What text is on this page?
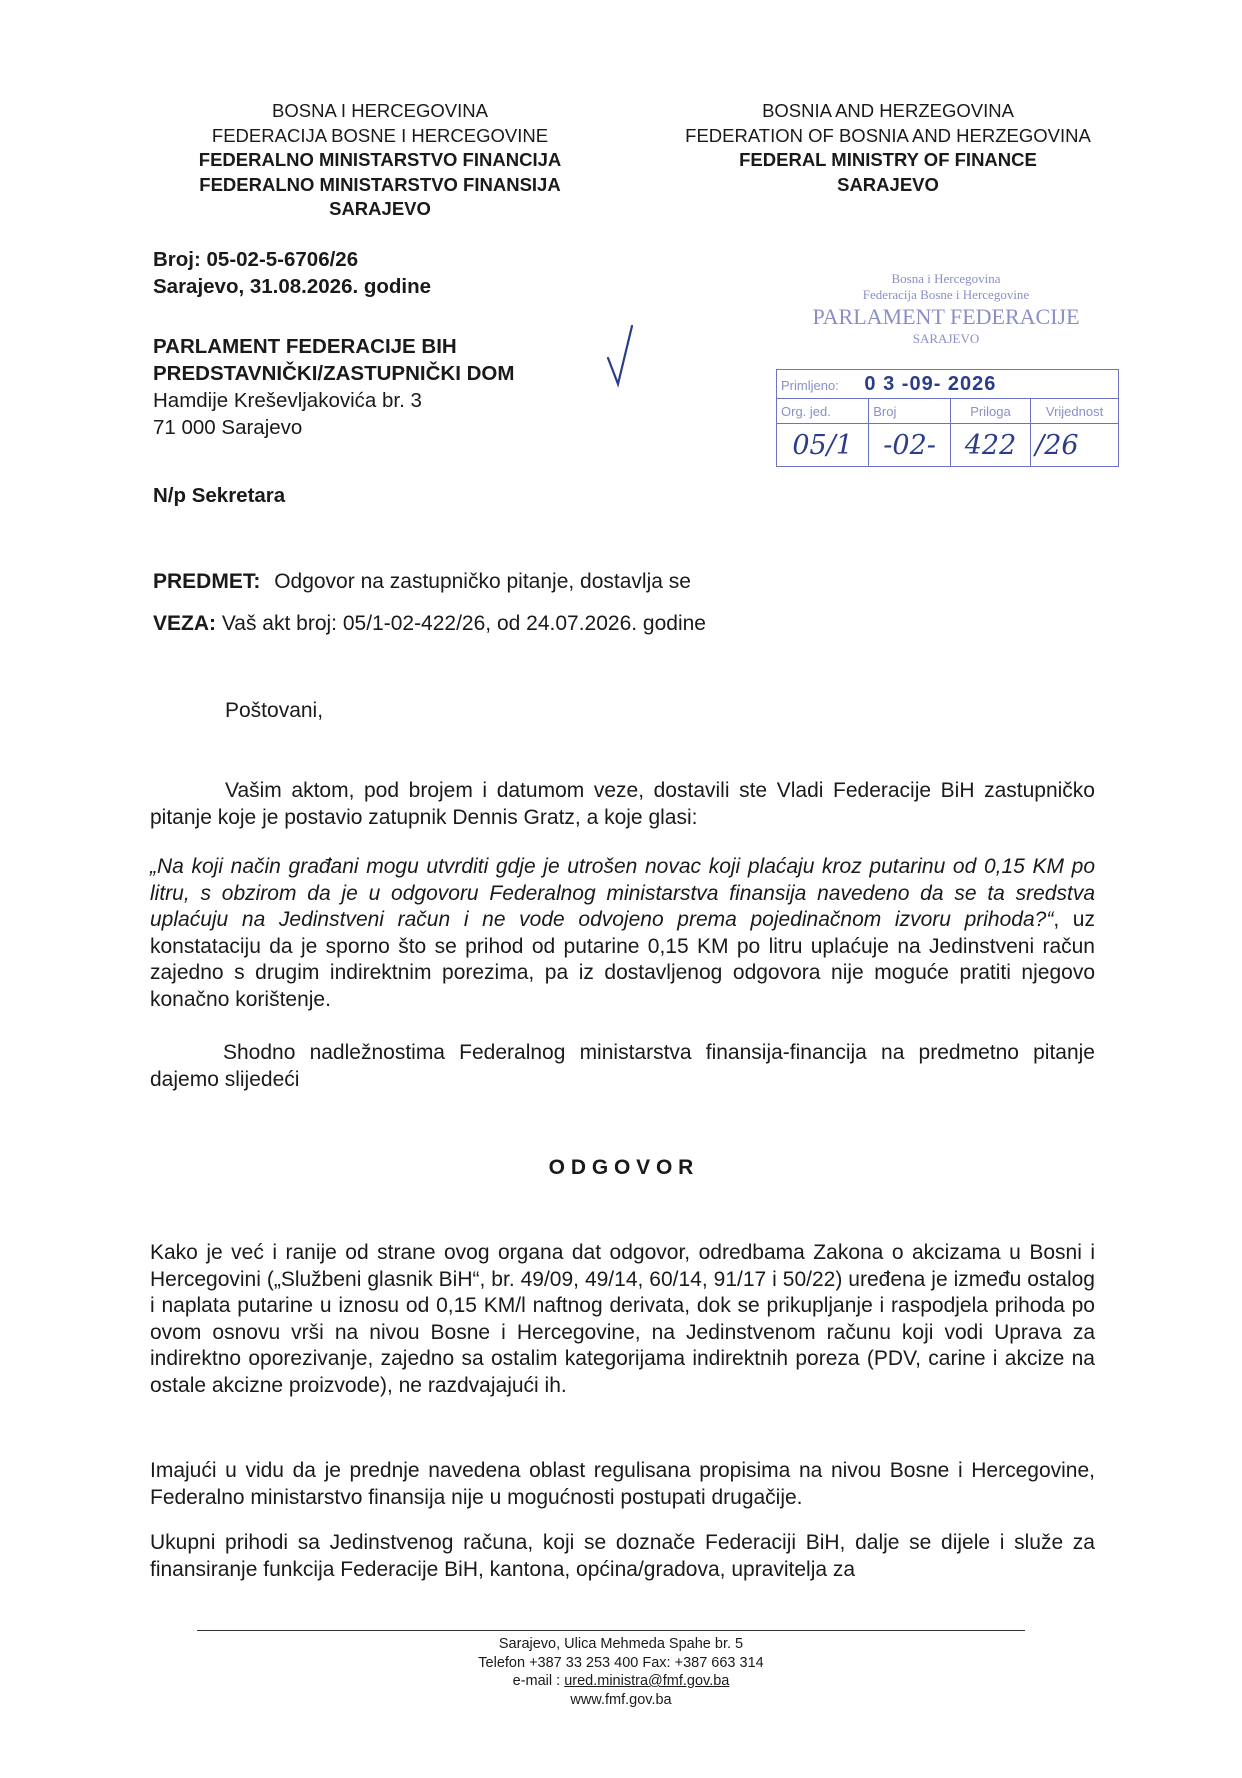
BOSNA I HERCEGOVINA
FEDERACIJA BOSNE I HERCEGOVINE
FEDERALNO MINISTARSTVO FINANCIJA
FEDERALNO MINISTARSTVO FINANSIJA
SARAJEVO
BOSNIA AND HERZEGOVINA
FEDERATION OF BOSNIA AND HERZEGOVINA
FEDERAL MINISTRY OF FINANCE
SARAJEVO
Broj: 05-02-5-6706/26
Sarajevo, 31.08.2026. godine
PARLAMENT FEDERACIJE BIH
PREDSTAVNIČKI/ZASTUPNIČKI DOM
Hamdije Kreševljakovića br. 3
71 000 Sarajevo
N/p Sekretara
Bosna i Hercegovina
Federacija Bosne i Hercegovine
PARLAMENT FEDERACIJE
SARAJEVO
Primljeno: 0 3 -09- 2026			
Org. jed.	Broj	Priloga	Vrijednost
05/1	-02-	422	/26
PREDMET: Odgovor na zastupničko pitanje, dostavlja se
VEZA: Vaš akt broj: 05/1-02-422/26, od 24.07.2026. godine
Poštovani,
Vašim aktom, pod brojem i datumom veze, dostavili ste Vladi Federacije BiH zastupničko pitanje koje je postavio zatupnik Dennis Gratz, a koje glasi:
„Na koji način građani mogu utvrditi gdje je utrošen novac koji plaćaju kroz putarinu od 0,15 KM po litru, s obzirom da je u odgovoru Federalnog ministarstva finansija navedeno da se ta sredstva uplaćuju na Jedinstveni račun i ne vode odvojeno prema pojedinačnom izvoru prihoda?“, uz konstataciju da je sporno što se prihod od putarine 0,15 KM po litru uplaćuje na Jedinstveni račun zajedno s drugim indirektnim porezima, pa iz dostavljenog odgovora nije moguće pratiti njegovo konačno korištenje.
Shodno nadležnostima Federalnog ministarstva finansija-financija na predmetno pitanje dajemo slijedeći
O D G O V O R
Kako je već i ranije od strane ovog organa dat odgovor, odredbama Zakona o akcizama u Bosni i Hercegovini („Službeni glasnik BiH“, br. 49/09, 49/14, 60/14, 91/17 i 50/22) uređena je između ostalog i naplata putarine u iznosu od 0,15 KM/l naftnog derivata, dok se prikupljanje i raspodjela prihoda po ovom osnovu vrši na nivou Bosne i Hercegovine, na Jedinstvenom računu koji vodi Uprava za indirektno oporezivanje, zajedno sa ostalim kategorijama indirektnih poreza (PDV, carine i akcize na ostale akcizne proizvode), ne razdvajajući ih.
Imajući u vidu da je prednje navedena oblast regulisana propisima na nivou Bosne i Hercegovine, Federalno ministarstvo finansija nije u mogućnosti postupati drugačije.
Ukupni prihodi sa Jedinstvenog računa, koji se doznače Federaciji BiH, dalje se dijele i služe za finansiranje funkcija Federacije BiH, kantona, općina/gradova, upravitelja za
Sarajevo, Ulica Mehmeda Spahe br. 5
Telefon +387 33 253 400 Fax: +387 663 314
e-mail : ured.ministra@fmf.gov.ba
www.fmf.gov.ba
